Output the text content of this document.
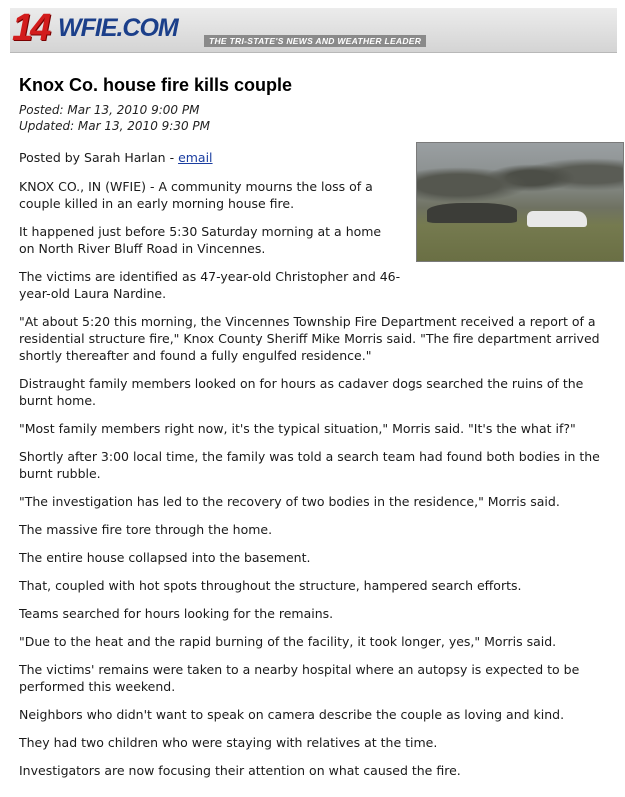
14 WFIE.COM	THE TRI-STATE'S NEWS AND WEATHER LEADER
Knox Co. house fire kills couple
Posted: Mar 13, 2010 9:00 PM
Updated: Mar 13, 2010 9:30 PM
Posted by Sarah Harlan - email

KNOX CO., IN (WFIE) - A community mourns the loss of a couple killed in an early morning house fire.

It happened just before 5:30 Saturday morning at a home on North River Bluff Road in Vincennes.

The victims are identified as 47-year-old Christopher and 46-year-old Laura Nardine.

"At about 5:20 this morning, the Vincennes Township Fire Department received a report of a residential structure fire," Knox County Sheriff Mike Morris said. "The fire department arrived shortly thereafter and found a fully engulfed residence."

Distraught family members looked on for hours as cadaver dogs searched the ruins of the burnt home.

"Most family members right now, it's the typical situation," Morris said. "It's the what if?"

Shortly after 3:00 local time, the family was told a search team had found both bodies in the burnt rubble.

"The investigation has led to the recovery of two bodies in the residence," Morris said.

The massive fire tore through the home.

The entire house collapsed into the basement.

That, coupled with hot spots throughout the structure, hampered search efforts.

Teams searched for hours looking for the remains.

"Due to the heat and the rapid burning of the facility, it took longer, yes," Morris said.

The victims' remains were taken to a nearby hospital where an autopsy is expected to be performed this weekend.

Neighbors who didn't want to speak on camera describe the couple as loving and kind.

They had two children who were staying with relatives at the time.

Investigators are now focusing their attention on what caused the fire.
